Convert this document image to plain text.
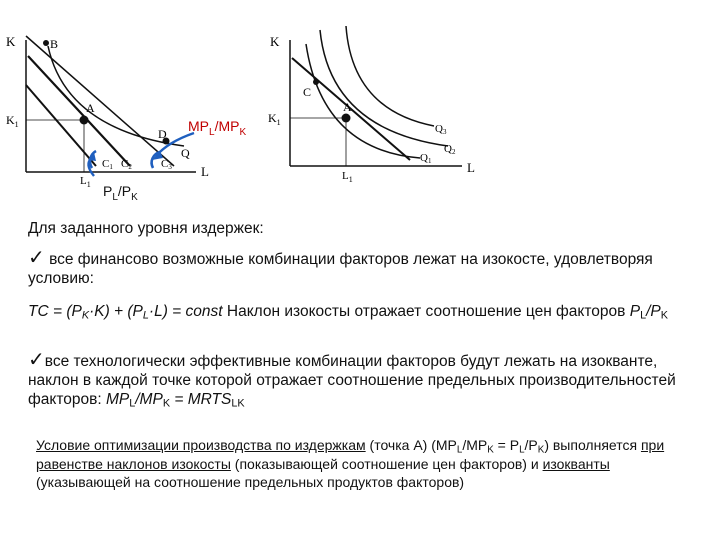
K
L
$K_1$
$L_1$
B
A
D
Q
C1 C2	C3
$MP_L/MP_K$
$P_L/P_K$
K
L
$K_1$
$L_1$
C
A
Q3
Q2
Q1
Для заданного уровня издержек:
✓ все финансово возможные комбинации факторов лежат на изокосте, удовлетворяя условию:
TC = $(P_K\cdot K) + (P_L\cdot L)$ = const Наклон изокосты отражает соотношение цен факторов $P_L/P_K$
✓все технологически эффективные комбинации факторов будут лежать на изокванте, наклон в каждой точке которой отражает соотношение предельных производительностей факторов: $MP_L/MP_K$ = $MRTS_{LK}$
Условие оптимизации производства по издержкам (точка А) $(MP_L/MP_K = P_L/P_K)$ выполняется при равенстве наклонов изокосты (показывающей соотношение цен факторов) и изокванты (указывающей на соотношение предельных продуктов факторов)
